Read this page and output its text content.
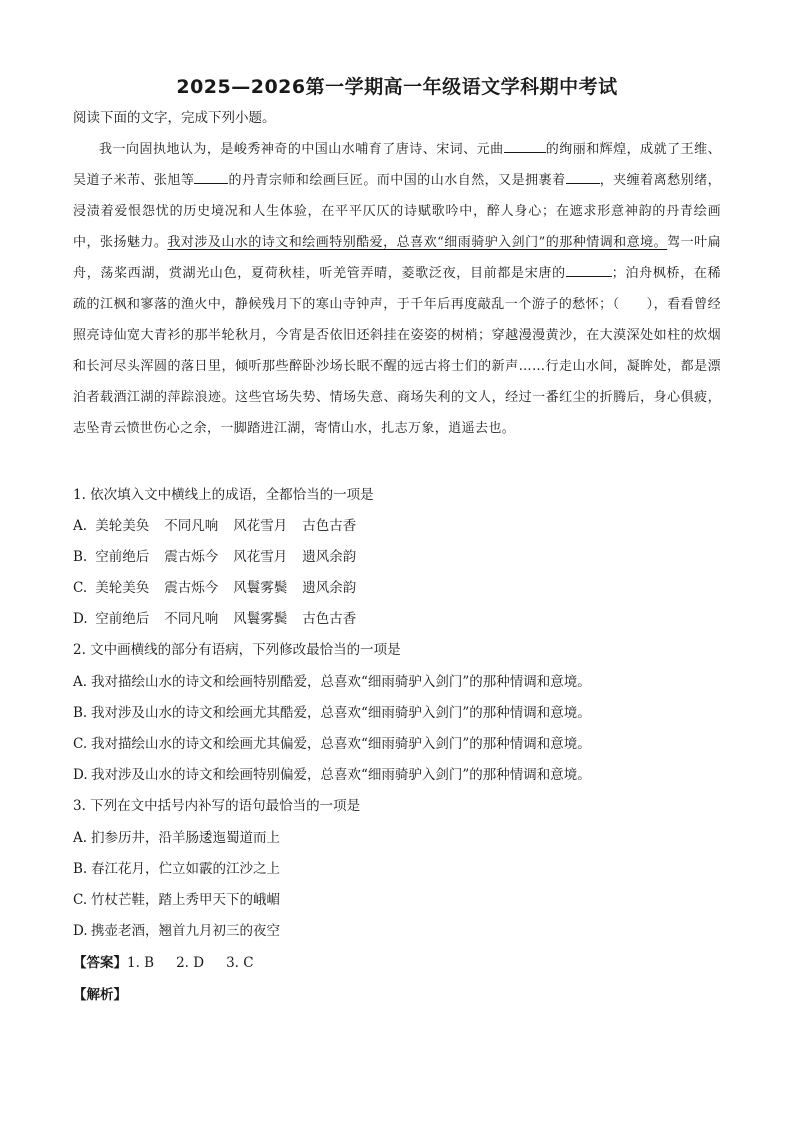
2025—2026第一学期高一年级语文学科期中考试
阅读下面的文字，完成下列小题。

我一向固执地认为，是峻秀神奇的中国山水哺育了唐诗、宋词、元曲	的绚丽和辉煌，成就了王维、吴道子米芾、张旭等	的丹青宗师和绘画巨匠。而中国的山水自然，又是拥裹着	，夹缠着离愁别绪，浸渍着爱恨怨忧的历史境况和人生体验，在平平仄仄的诗赋歌吟中，醉人身心；在遮求形意神韵的丹青绘画中，张扬魅力。我对涉及山水的诗文和绘画特别酷爱，总喜欢“细雨骑驴入剑门”的那种情调和意境。驾一叶扁舟，荡桨西湖，赏湖光山色，夏荷秋桂，听羌管弄晴，菱歌泛夜，目前都是宋唐的	；泊舟枫桥，在稀疏的江枫和寥落的渔火中，静候残月下的寒山寺钟声，于千年后再度敲乱一个游子的愁怀；（　　），看看曾经照亮诗仙宽大青衫的那半轮秋月，今宵是否依旧还斜挂在姿姿的树梢；穿越漫漫黄沙，在大漠深处如柱的炊烟和长河尽头浑圆的落日里，倾听那些醉卧沙场长眠不醒的远古将士们的新声……行走山水间，凝眸处，都是漂泊者载酒江湖的萍踪浪迹。这些官场失势、情场失意、商场失利的文人，经过一番红尘的折腾后，身心俱疲，志坠青云愤世伤心之余，一脚踏进江湖，寄情山水，扎志万象，逍遥去也。

1. 依次填入文中横线上的成语，全都恰当的一项是
A. 美轮美奂 不同凡响 风花雪月 古色古香
B. 空前绝后 震古烁今 风花雪月 遗风余韵
C. 美轮美奂 震古烁今 风鬟雾鬓 遗风余韵
D. 空前绝后 不同凡响 风鬟雾鬓 古色古香
2. 文中画横线的部分有语病，下列修改最恰当的一项是
A. 我对描绘山水的诗文和绘画特别酷爱，总喜欢“细雨骑驴入剑门”的那种情调和意境。
B. 我对涉及山水的诗文和绘画尤其酷爱，总喜欢“细雨骑驴入剑门”的那种情调和意境。
C. 我对描绘山水的诗文和绘画尤其偏爱，总喜欢“细雨骑驴入剑门”的那种情调和意境。
D. 我对涉及山水的诗文和绘画特别偏爱，总喜欢“细雨骑驴入剑门”的那种情调和意境。
3. 下列在文中括号内补写的语句最恰当的一项是
A. 扪参历井，沿羊肠逶迤蜀道而上
B. 春江花月，伫立如霰的江沙之上
C. 竹杖芒鞋，踏上秀甲天下的峨嵋
D. 携壶老酒，翘首九月初三的夜空
【答案】1. B 2. D 3. C
【解析】
